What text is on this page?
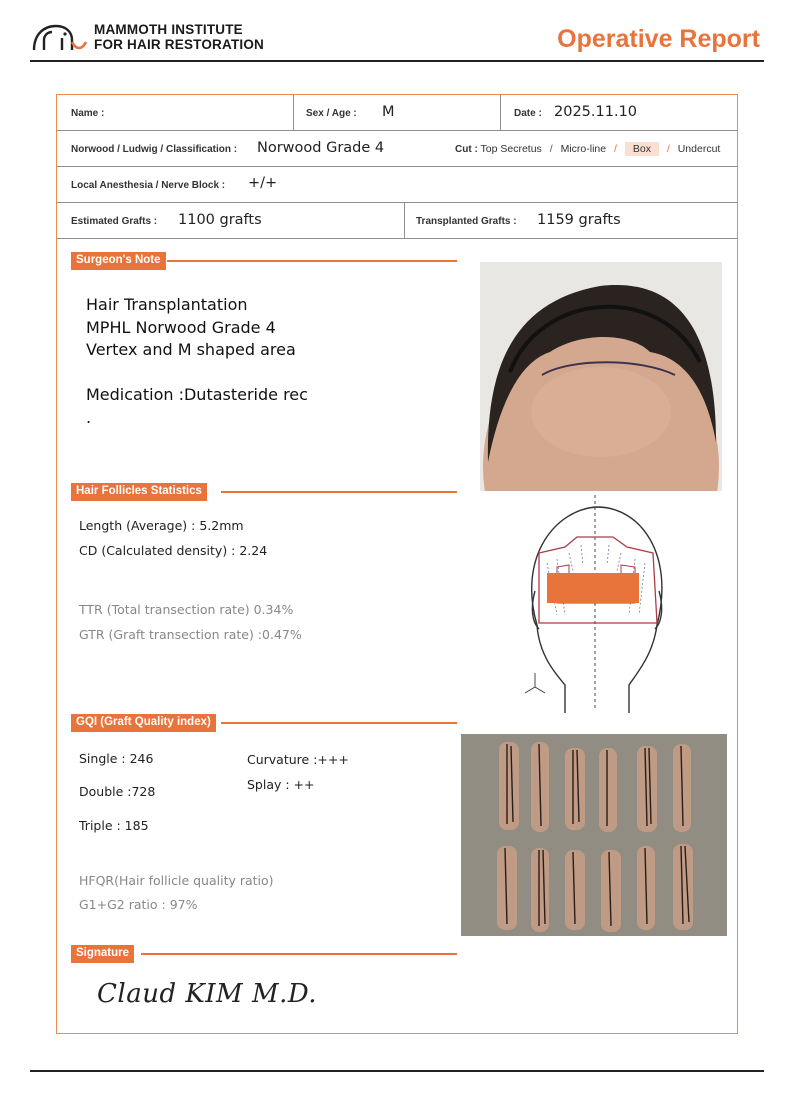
MAMMOTH INSTITUTE
FOR HAIR RESTORATION	Operative Report
Name :	Sex / Age : M	Date : 2025.11.10
Norwood / Ludwig / Classification : Norwood Grade 4	Cut : Top Secretus / Micro-line / Box / Undercut
Local Anesthesia / Nerve Block : +/+
Estimated Grafts : 1100 grafts	Transplanted Grafts : 1159 grafts
Surgeon's Note
Hair Transplantation
MPHL Norwood Grade 4
Vertex and M shaped area
Medication :Dutasteride rec
.
Hair Follicles Statistics
Length (Average) : 5.2mm
CD (Calculated density) : 2.24
TTR (Total transection rate) 0.34%
GTR (Graft transection rate) :0.47%
GQI (Graft Quality index)
Single : 246
Double :728
Triple : 185
Curvature :+++
Splay : ++
HFQR(Hair follicle quality ratio)
G1+G2 ratio : 97%
Signature
Claud KIM M.D.
